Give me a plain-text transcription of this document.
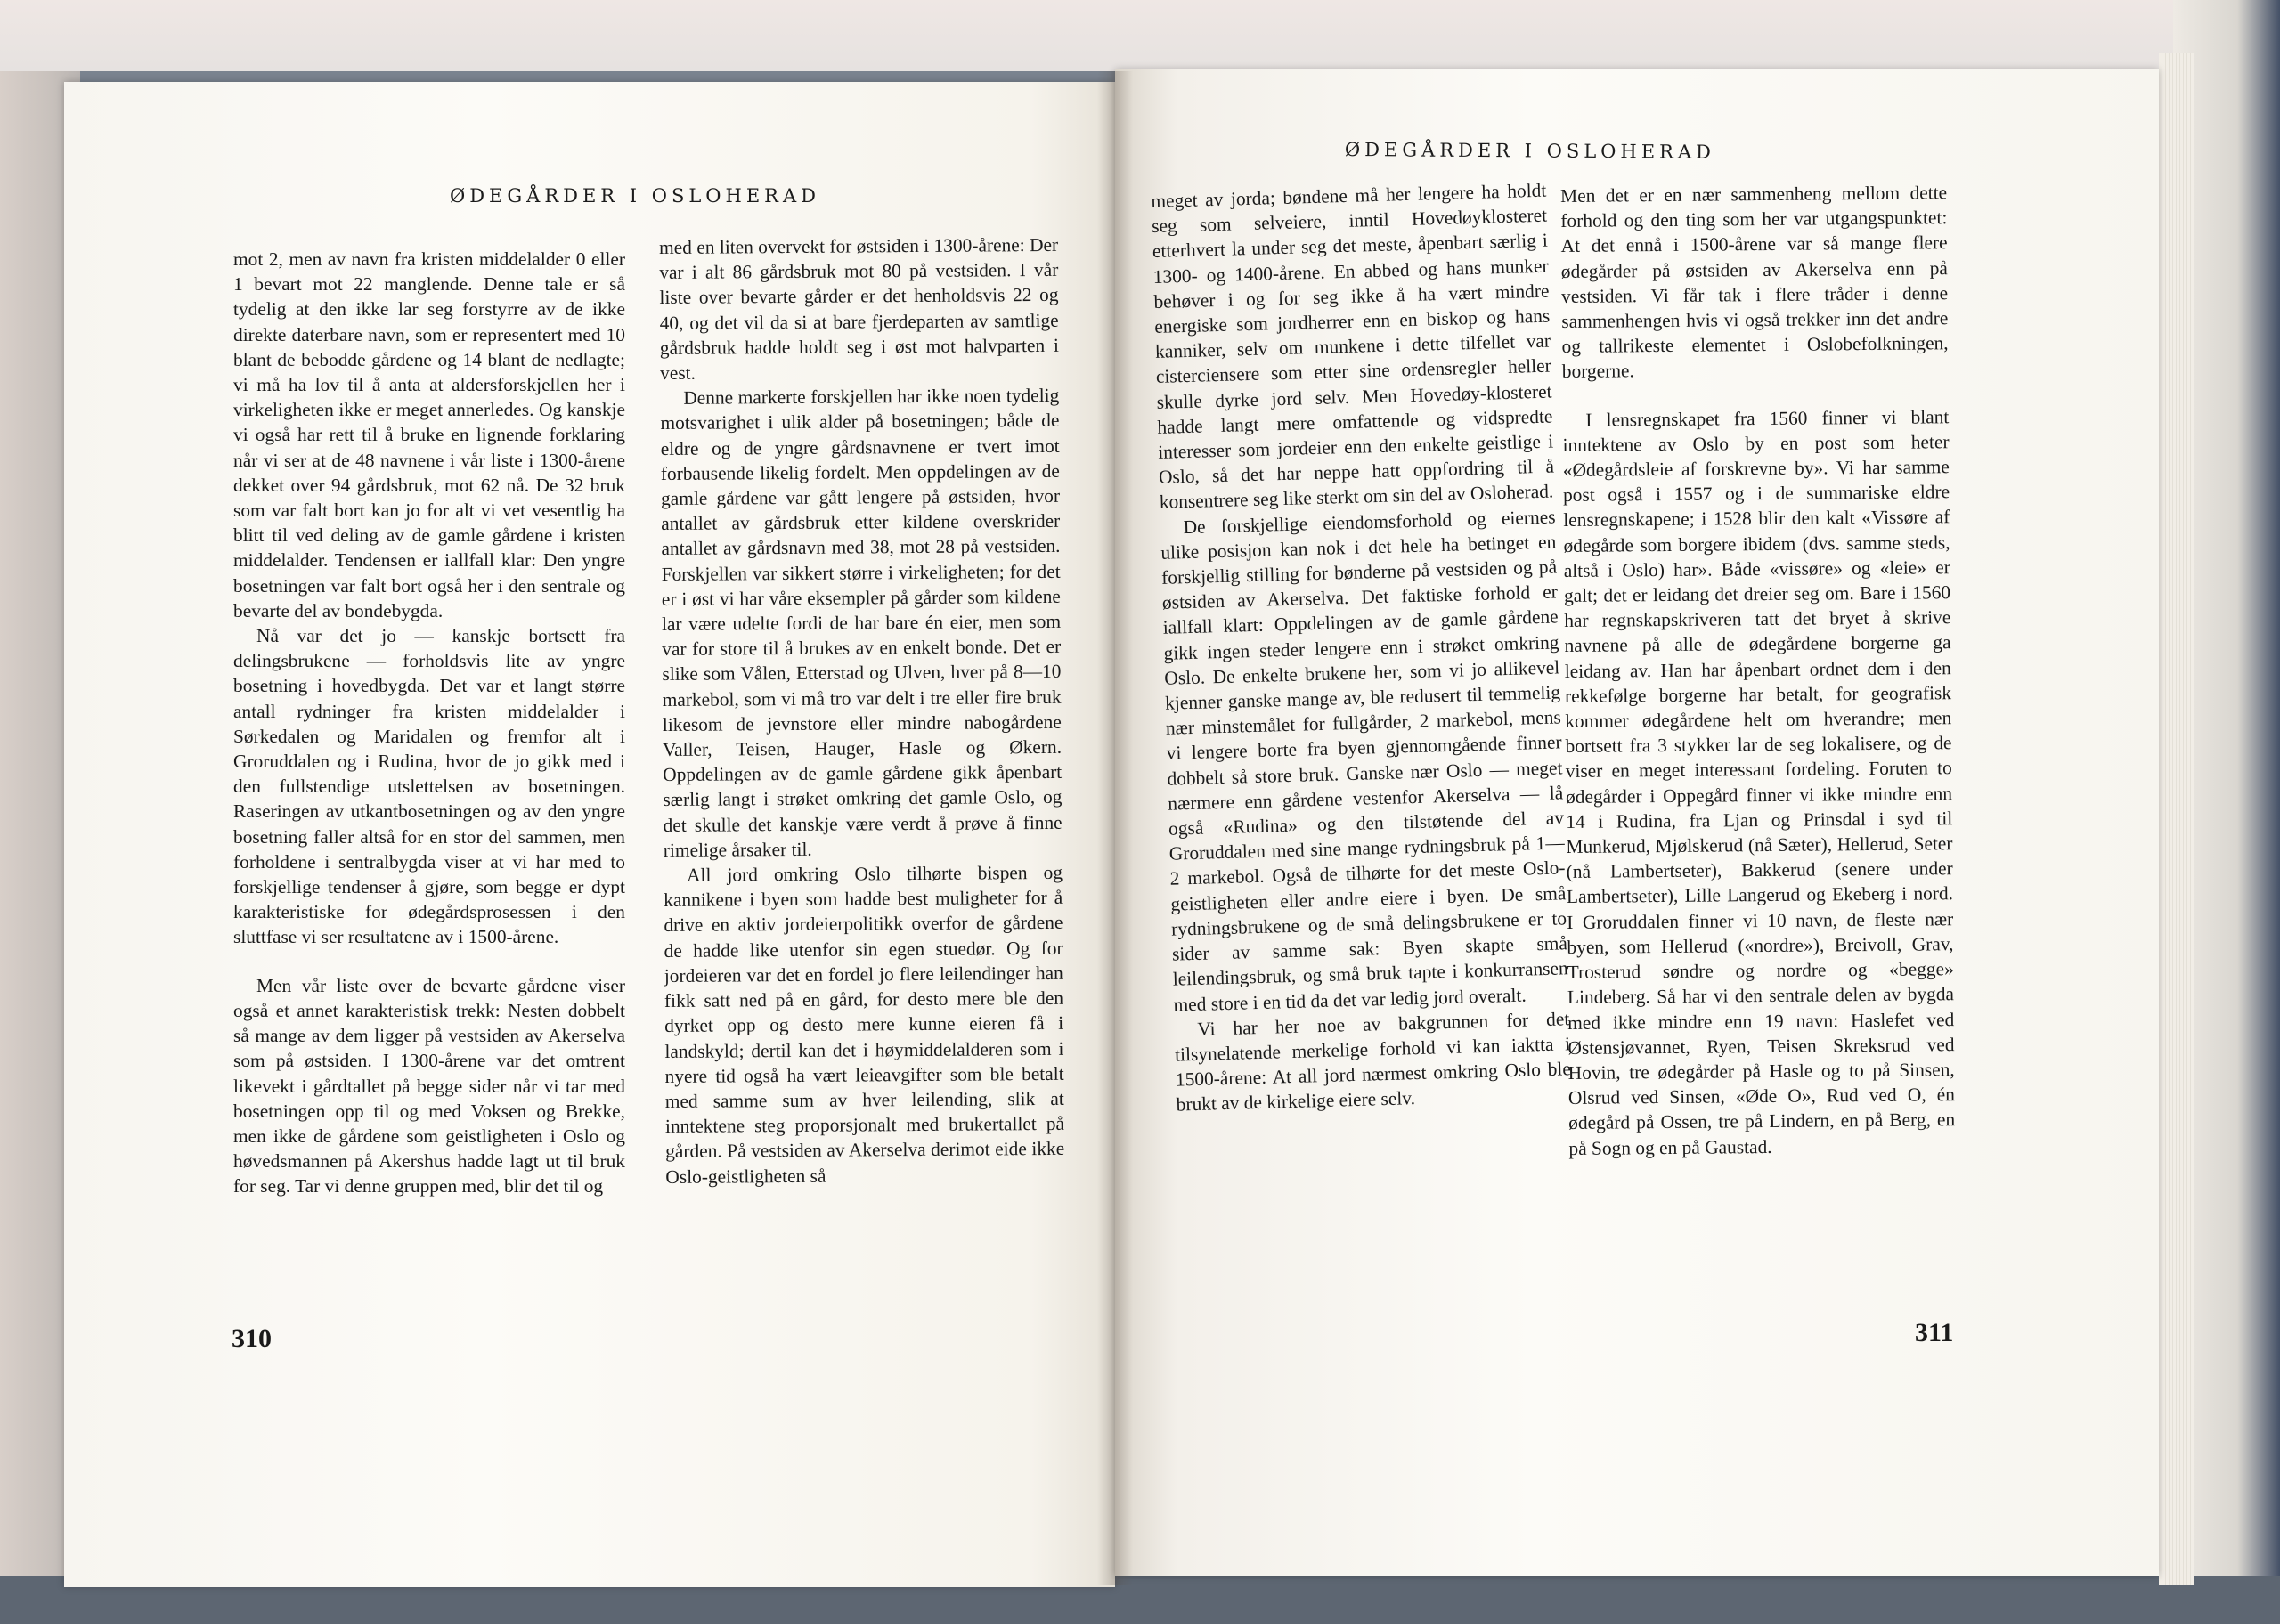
ØDEGÅRDER I OSLOHERAD

mot 2, men av navn fra kristen middelalder 0 eller 1 bevart mot 22 manglende. Denne tale er så tydelig at den ikke lar seg forstyrre av de ikke direkte daterbare navn, som er representert med 10 blant de bebodde gårdene og 14 blant de nedlagte; vi må ha lov til å anta at aldersforskjellen her i virkeligheten ikke er meget annerledes. Og kanskje vi også har rett til å bruke en lignende forklaring når vi ser at de 48 navnene i vår liste i 1300-årene dekket over 94 gårdsbruk, mot 62 nå. De 32 bruk som var falt bort kan jo for alt vi vet vesentlig ha blitt til ved deling av de gamle gårdene i kristen middelalder. Tendensen er iallfall klar: Den yngre bosetningen var falt bort også her i den sentrale og bevarte del av bondebygda.

Nå var det jo — kanskje bortsett fra delingsbrukene — forholdsvis lite av yngre bosetning i hovedbygda. Det var et langt større antall rydninger fra kristen middelalder i Sørkedalen og Maridalen og fremfor alt i Groruddalen og i Rudina, hvor de jo gikk med i den fullstendige utslettelsen av bosetningen. Raseringen av utkantbosetningen og av den yngre bosetning faller altså for en stor del sammen, men forholdene i sentralbygda viser at vi har med to forskjellige tendenser å gjøre, som begge er dypt karakteristiske for ødegårdsprosessen i den sluttfase vi ser resultatene av i 1500-årene.

Men vår liste over de bevarte gårdene viser også et annet karakteristisk trekk: Nesten dobbelt så mange av dem ligger på vestsiden av Akerselva som på østsiden. I 1300-årene var det omtrent likevekt i gårdtallet på begge sider når vi tar med bosetningen opp til og med Voksen og Brekke, men ikke de gårdene som geistligheten i Oslo og høvedsmannen på Akershus hadde lagt ut til bruk for seg. Tar vi denne gruppen med, blir det til og

med en liten overvekt for østsiden i 1300-årene: Der var i alt 86 gårdsbruk mot 80 på vestsiden. I vår liste over bevarte gårder er det henholdsvis 22 og 40, og det vil da si at bare fjerdeparten av samtlige gårdsbruk hadde holdt seg i øst mot halvparten i vest.

Denne markerte forskjellen har ikke noen tydelig motsvarighet i ulik alder på bosetningen; både de eldre og de yngre gårdsnavnene er tvert imot forbausende likelig fordelt. Men oppdelingen av de gamle gårdene var gått lengere på østsiden, hvor antallet av gårdsbruk etter kildene overskrider antallet av gårdsnavn med 38, mot 28 på vestsiden. Forskjellen var sikkert større i virkeligheten; for det er i øst vi har våre eksempler på gårder som kildene lar være udelte fordi de har bare én eier, men som var for store til å brukes av en enkelt bonde. Det er slike som Vålen, Etterstad og Ulven, hver på 8—10 markebol, som vi må tro var delt i tre eller fire bruk likesom de jevnstore eller mindre nabogårdene Valler, Teisen, Hauger, Hasle og Økern. Oppdelingen av de gamle gårdene gikk åpenbart særlig langt i strøket omkring det gamle Oslo, og det skulle det kanskje være verdt å prøve å finne rimelige årsaker til.

All jord omkring Oslo tilhørte bispen og kannikene i byen som hadde best muligheter for å drive en aktiv jordeierpolitikk overfor de gårdene de hadde like utenfor sin egen stuedør. Og for jordeieren var det en fordel jo flere leilendinger han fikk satt ned på en gård, for desto mere ble den dyrket opp og desto mere kunne eieren få i landskyld; dertil kan det i høymiddelalderen som i nyere tid også ha vært leieavgifter som ble betalt med samme sum av hver leilending, slik at inntektene steg proporsjonalt med brukertallet på gården. På vestsiden av Akerselva derimot eide ikke Oslo-geistligheten så

310
ØDEGÅRDER I OSLOHERAD

meget av jorda; bøndene må her lengere ha holdt seg som selveiere, inntil Hovedøyklosteret etterhvert la under seg det meste, åpenbart særlig i 1300- og 1400-årene. En abbed og hans munker behøver i og for seg ikke å ha vært mindre energiske som jordherrer enn en biskop og hans kanniker, selv om munkene i dette tilfellet var cistercienserе som etter sine ordensregler heller skulle dyrke jord selv. Men Hovedøy-klosteret hadde langt mere omfattende og vidspredte interesser som jordeier enn den enkelte geistlige i Oslo, så det har neppe hatt oppfordring til å konsentrere seg like sterkt om sin del av Osloherad.

De forskjellige eiendomsforhold og eiernes ulike posisjon kan nok i det hele ha betinget en forskjellig stilling for bønderne på vestsiden og på østsiden av Akerselva. Det faktiske forhold er iallfall klart: Oppdelingen av de gamle gårdene gikk ingen steder lengere enn i strøket omkring Oslo. De enkelte brukene her, som vi jo allikevel kjenner ganske mange av, ble redusert til temmelig nær minstemålet for fullgårder, 2 markebol, mens vi lengere borte fra byen gjennomgående finner dobbelt så store bruk. Ganske nær Oslo — meget nærmere enn gårdene vestenfor Akerselva — lå også «Rudina» og den tilstøtende del av Groruddalen med sine mange rydningsbruk på 1—2 markebol. Også de tilhørte for det meste Oslo-geistligheten eller andre eiere i byen. De små rydningsbrukene og de små delingsbrukene er to sider av samme sak: Byen skapte små leilendingsbruk, og små bruk tapte i konkurransen med store i en tid da det var ledig jord overalt.

Vi har her noe av bakgrunnen for det tilsynelatende merkelige forhold vi kan iaktta i 1500-årene: At all jord nærmest omkring Oslo ble brukt av de kirkelige eiere selv.

Men det er en nær sammenheng mellom dette forhold og den ting som her var utgangspunktet: At det ennå i 1500-årene var så mange flere ødegårder på østsiden av Akerselva enn på vestsiden. Vi får tak i flere tråder i denne sammenhengen hvis vi også trekker inn det andre og tallrikeste elementet i Oslobefolkningen, borgerne.

I lensregnskapet fra 1560 finner vi blant inntektene av Oslo by en post som heter «Ødegårdsleie af forskrevne by». Vi har samme post også i 1557 og i de summariske eldre lensregnskapene; i 1528 blir den kalt «Vissøre af ødegårde som borgere ibidem (dvs. samme steds, altså i Oslo) har». Både «vissøre» og «leie» er galt; det er leidang det dreier seg om. Bare i 1560 har regnskapskriveren tatt det bryet å skrive navnene på alle de ødegårdene borgerne ga leidang av. Han har åpenbart ordnet dem i den rekkefølge borgerne har betalt, for geografisk kommer ødegårdene helt om hverandre; men bortsett fra 3 stykker lar de seg lokalisere, og de viser en meget interessant fordeling. Foruten to ødegårder i Oppegård finner vi ikke mindre enn 14 i Rudina, fra Ljan og Prinsdal i syd til Munkerud, Mjølskerud (nå Sæter), Hellerud, Seter (nå Lambertseter), Bakkerud (senere under Lambertseter), Lille Langerud og Ekeberg i nord. I Groruddalen finner vi 10 navn, de fleste nær byen, som Hellerud («nordre»), Breivoll, Grav, Trosterud søndre og nordre og «begge» Lindeberg. Så har vi den sentrale delen av bygda med ikke mindre enn 19 navn: Haslefet ved Østensjøvannet, Ryen, Teisen Skreksrud ved Hovin, tre ødegårder på Hasle og to på Sinsen, Olsrud ved Sinsen, «Øde O», Rud ved O, én ødegård på Ossen, tre på Lindern, en på Berg, en på Sogn og en på Gaustad.

311
